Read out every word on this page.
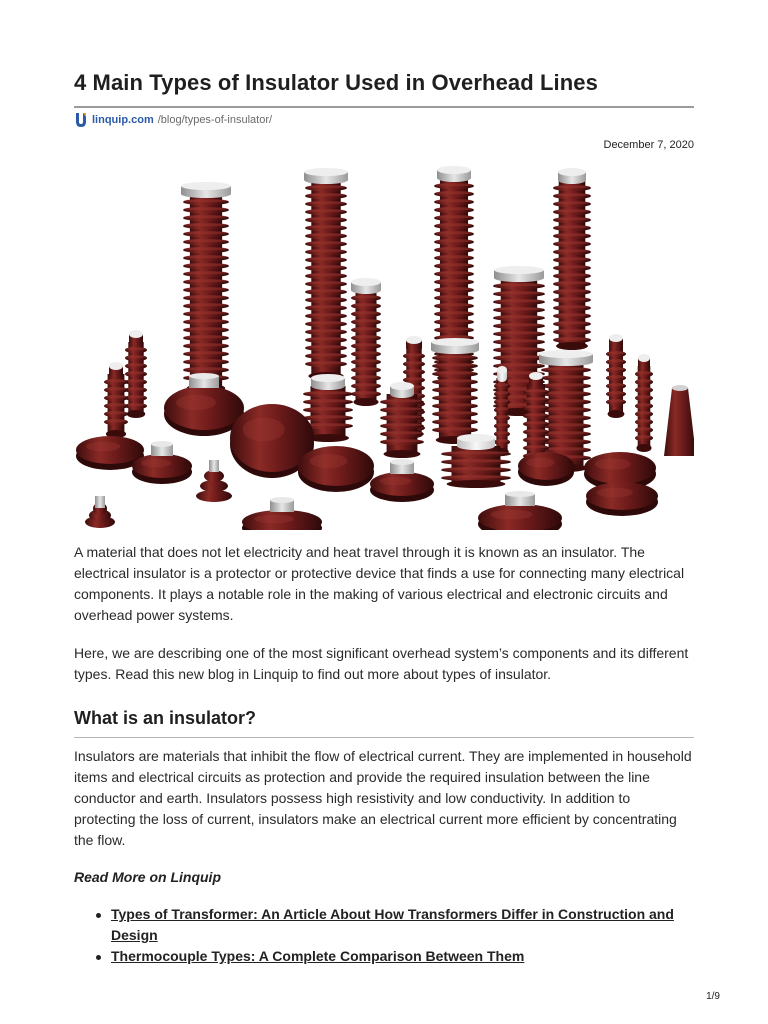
4 Main Types of Insulator Used in Overhead Lines
linquip.com /blog/types-of-insulator/
December 7, 2020

A material that does not let electricity and heat travel through it is known as an insulator. The electrical insulator is a protector or protective device that finds a use for connecting many electrical components. It plays a notable role in the making of various electrical and electronic circuits and overhead power systems.

Here, we are describing one of the most significant overhead system’s components and its different types. Read this new blog in Linquip to find out more about types of insulator.

What is an insulator?

Insulators are materials that inhibit the flow of electrical current. They are implemented in household items and electrical circuits as protection and provide the required insulation between the line conductor and earth. Insulators possess high resistivity and low conductivity. In addition to protecting the loss of current, insulators make an electrical current more efficient by concentrating the flow.

Read More on Linquip
Types of Transformer: An Article About How Transformers Differ in Construction and Design
Thermocouple Types: A Complete Comparison Between Them
1/9
